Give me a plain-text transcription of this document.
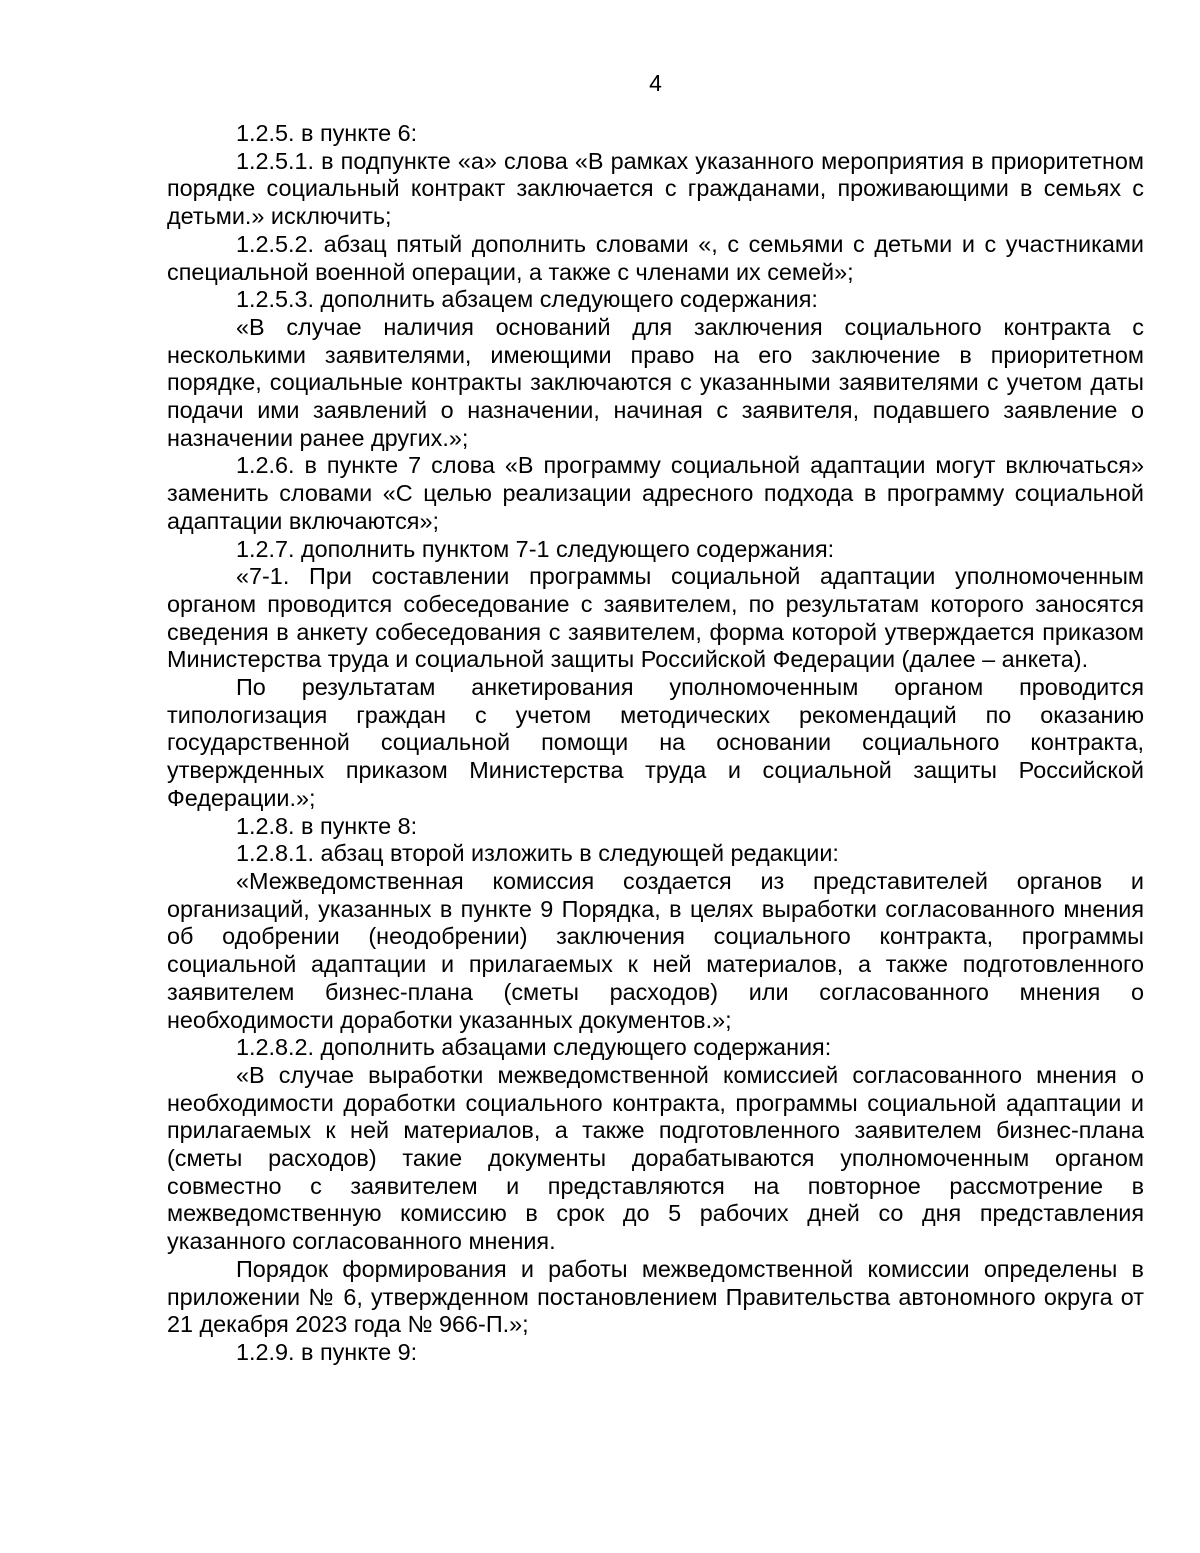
4

1.2.5. в пункте 6:

1.2.5.1. в подпункте «а» слова «В рамках указанного мероприятия в приоритетном порядке социальный контракт заключается с гражданами, проживающими в семьях с детьми.» исключить;

1.2.5.2. абзац пятый дополнить словами «, с семьями с детьми и с участниками специальной военной операции, а также с членами их семей»;

1.2.5.3. дополнить абзацем следующего содержания:

«В случае наличия оснований для заключения социального контракта с несколькими заявителями, имеющими право на его заключение в приоритетном порядке, социальные контракты заключаются с указанными заявителями с учетом даты подачи ими заявлений о назначении, начиная с заявителя, подавшего заявление о назначении ранее других.»;

1.2.6. в пункте 7 слова «В программу социальной адаптации могут включаться» заменить словами «С целью реализации адресного подхода в программу социальной адаптации включаются»;

1.2.7. дополнить пунктом 7-1 следующего содержания:

«7-1. При составлении программы социальной адаптации уполномоченным органом проводится собеседование с заявителем, по результатам которого заносятся сведения в анкету собеседования с заявителем, форма которой утверждается приказом Министерства труда и социальной защиты Российской Федерации (далее – анкета).

По результатам анкетирования уполномоченным органом проводится типологизация граждан с учетом методических рекомендаций по оказанию государственной социальной помощи на основании социального контракта, утвержденных приказом Министерства труда и социальной защиты Российской Федерации.»;

1.2.8. в пункте 8:

1.2.8.1. абзац второй изложить в следующей редакции:

«Межведомственная комиссия создается из представителей органов и организаций, указанных в пункте 9 Порядка, в целях выработки согласованного мнения об одобрении (неодобрении) заключения социального контракта, программы социальной адаптации и прилагаемых к ней материалов, а также подготовленного заявителем бизнес-плана (сметы расходов) или согласованного мнения о необходимости доработки указанных документов.»;

1.2.8.2. дополнить абзацами следующего содержания:

«В случае выработки межведомственной комиссией согласованного мнения о необходимости доработки социального контракта, программы социальной адаптации и прилагаемых к ней материалов, а также подготовленного заявителем бизнес-плана (сметы расходов) такие документы дорабатываются уполномоченным органом совместно с заявителем и представляются на повторное рассмотрение в межведомственную комиссию в срок до 5 рабочих дней со дня представления указанного согласованного мнения.

Порядок формирования и работы межведомственной комиссии определены в приложении № 6, утвержденном постановлением Правительства автономного округа от 21 декабря 2023 года № 966-П.»;

1.2.9. в пункте 9:
